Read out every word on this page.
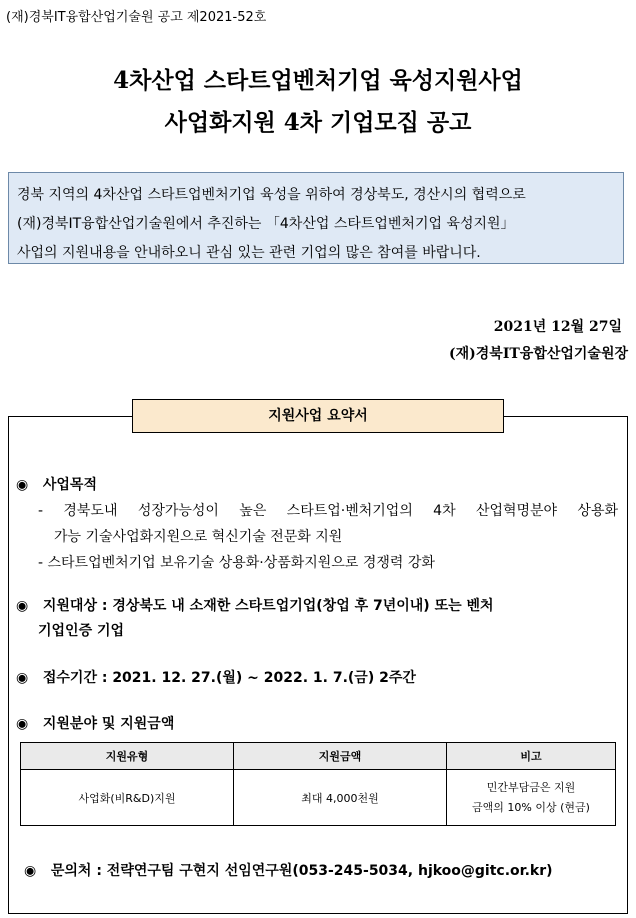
(재)경북IT융합산업기술원 공고 제2021-52호
4차산업 스타트업벤처기업 육성지원사업
사업화지원 4차 기업모집 공고
경북 지역의 4차산업 스타트업벤처기업 육성을 위하여 경상북도, 경산시의 협력으로
(재)경북IT융합산업기술원에서 추진하는 「4차산업 스타트업벤처기업 육성지원」
사업의 지원내용을 안내하오니 관심 있는 관련 기업의 많은 참여를 바랍니다.
2021년 12월 27일
(재)경북IT융합산업기술원장
지원사업 요약서
◉ 사업목적
- 경북도내 성장가능성이 높은 스타트업·벤처기업의 4차 산업혁명분야 상용화
가능 기술사업화지원으로 혁신기술 전문화 지원
- 스타트업벤처기업 보유기술 상용화·상품화지원으로 경쟁력 강화
◉ 지원대상 : 경상북도 내 소재한 스타트업기업(창업 후 7년이내) 또는 벤처
기업인증 기업
◉ 접수기간 : 2021. 12. 27.(월) ~ 2022. 1. 7.(금) 2주간
◉ 지원분야 및 지원금액
지원유형	지원금액	비고
사업화(비R&D)지원	최대 4,000천원	민간부담금은 지원
금액의 10% 이상 (현금)
◉ 문의처 : 전략연구팀 구현지 선임연구원(053-245-5034, hjkoo@gitc.or.kr)
